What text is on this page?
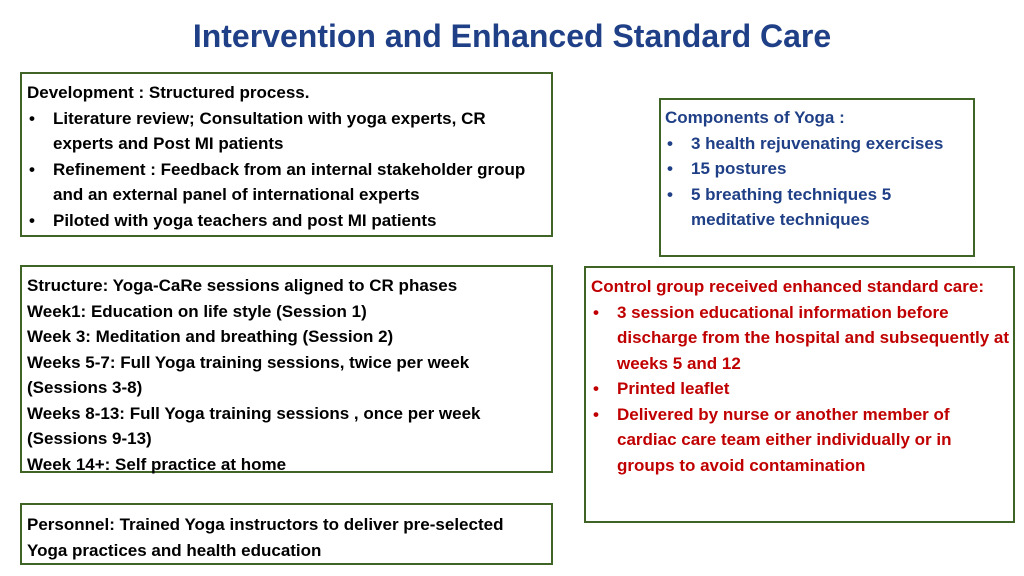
Intervention and Enhanced Standard Care
Development : Structured process.
• Literature review; Consultation with yoga experts, CR experts and Post MI patients
• Refinement : Feedback from an internal stakeholder group and an external panel of international experts
• Piloted with yoga teachers and post MI patients
Components of Yoga :
• 3 health rejuvenating exercises
• 15 postures
• 5 breathing techniques 5 meditative techniques
Structure: Yoga-CaRe sessions aligned to CR phases
Week1: Education on life style (Session 1)
Week 3: Meditation and breathing (Session 2)
Weeks 5-7: Full Yoga training sessions, twice per week (Sessions 3-8)
Weeks 8-13: Full Yoga training sessions , once per week (Sessions 9-13)
Week 14+: Self practice at home
Control group received enhanced standard care:
• 3 session educational information before discharge from the hospital and subsequently at weeks 5 and 12
• Printed leaflet
• Delivered by nurse or another member of cardiac care team either individually or in groups to avoid contamination
Personnel: Trained Yoga instructors to deliver pre-selected Yoga practices and health education
